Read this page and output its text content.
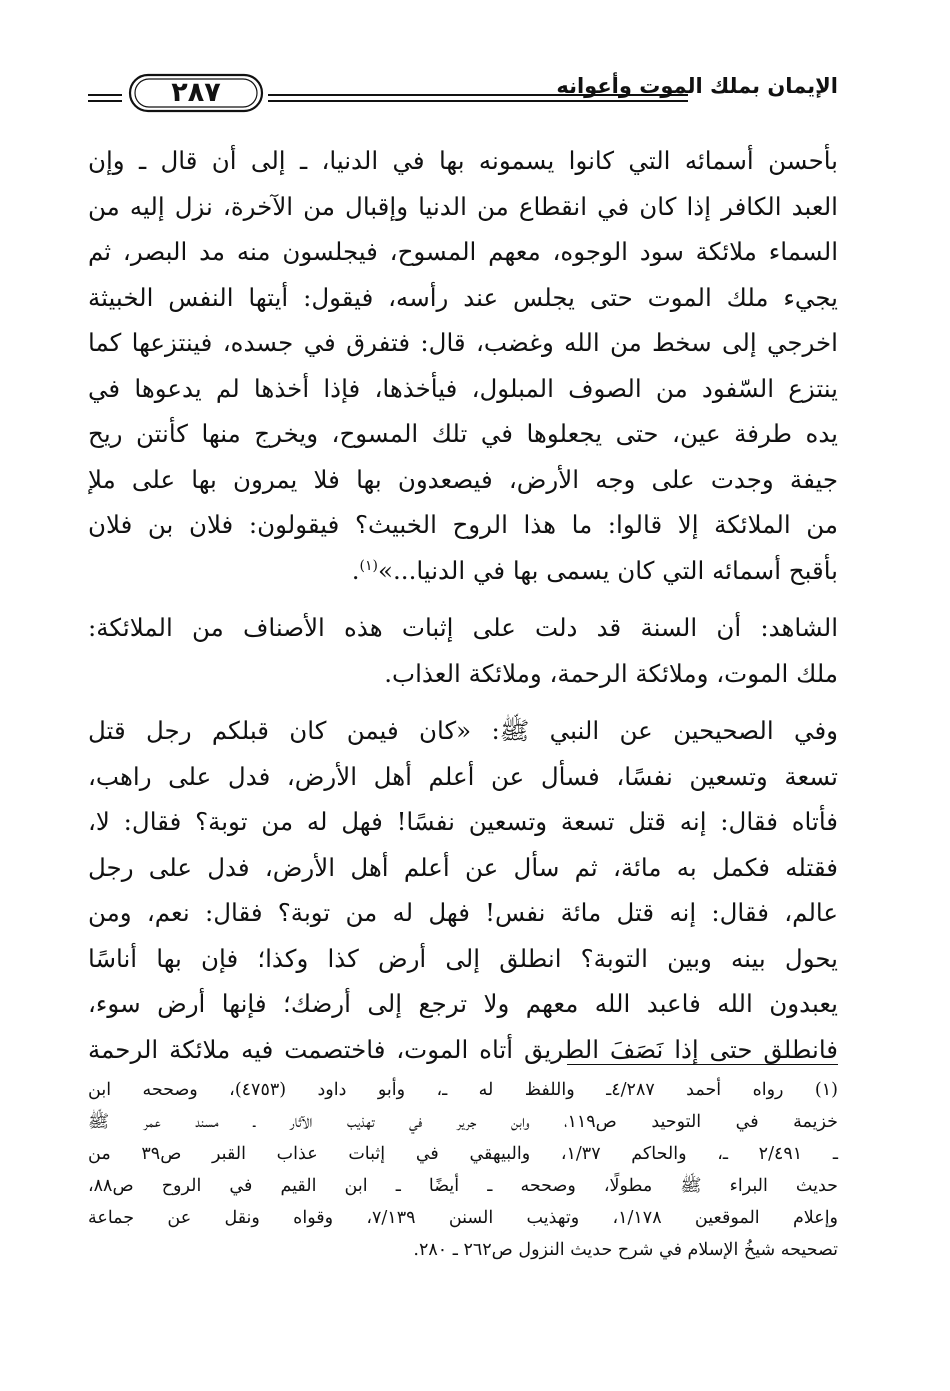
٢٨٧	الإيمان بملك الموت وأعوانه
بأحسن أسمائه التي كانوا يسمونه بها في الدنيا، ـ إلى أن قال ـ وإن
العبد الكافر إذا كان في انقطاع من الدنيا وإقبال من الآخرة، نزل إليه من
السماء ملائكة سود الوجوه، معهم المسوح، فيجلسون منه مد البصر، ثم
يجيء ملك الموت حتى يجلس عند رأسه، فيقول: أيتها النفس الخبيثة
اخرجي إلى سخط من الله وغضب، قال: فتفرق في جسده، فينتزعها كما
ينتزع السّفود من الصوف المبلول، فيأخذها، فإذا أخذها لم يدعوها في
يده طرفة عين، حتى يجعلوها في تلك المسوح، ويخرج منها كأنتن ريح
جيفة وجدت على وجه الأرض، فيصعدون بها فلا يمرون بها على ملإ
من الملائكة إلا قالوا: ما هذا الروح الخبيث؟ فيقولون: فلان بن فلان
بأقبح أسمائه التي كان يسمى بها في الدنيا...»$^{(١)}$.
الشاهد: أن السنة قد دلت على إثبات هذه الأصناف من الملائكة:
ملك الموت، وملائكة الرحمة، وملائكة العذاب.
وفي الصحيحين عن النبي ﷺ: «كان فيمن كان قبلكم رجل قتل
تسعة وتسعين نفسًا، فسأل عن أعلم أهل الأرض، فدل على راهب،
فأتاه فقال: إنه قتل تسعة وتسعين نفسًا! فهل له من توبة؟ فقال: لا،
فقتله فكمل به مائة، ثم سأل عن أعلم أهل الأرض، فدل على رجل
عالم، فقال: إنه قتل مائة نفس! فهل له من توبة؟ فقال: نعم، ومن
يحول بينه وبين التوبة؟ انطلق إلى أرض كذا وكذا؛ فإن بها أناسًا
يعبدون الله فاعبد الله معهم ولا ترجع إلى أرضك؛ فإنها أرض سوء،
فانطلق حتى إذا نَصَفَ الطريق أتاه الموت، فاختصمت فيه ملائكة الرحمة
(١) رواه أحمد ٤/٢٨٧ـ واللفظ له ـ، وأبو داود (٤٧٥٣)، وصححه ابن
خزيمة في التوحيد ص١١٩، وابن جرير في تهذيب الآثار ـ مسند عمر ﷺ
ـ ٢/٤٩١ ـ، والحاكم ١/٣٧، والبيهقي في إثبات عذاب القبر ص٣٩ من
حديث البراء ﷺ مطولًا، وصححه ـ أيضًا ـ ابن القيم في الروح ص٨٨،
وإعلام الموقعين ١/١٧٨، وتهذيب السنن ٧/١٣٩، وقواه ونقل عن جماعة
تصحيحه شيخُ الإسلام في شرح حديث النزول ص٢٦٢ ـ ٢٨٠.
